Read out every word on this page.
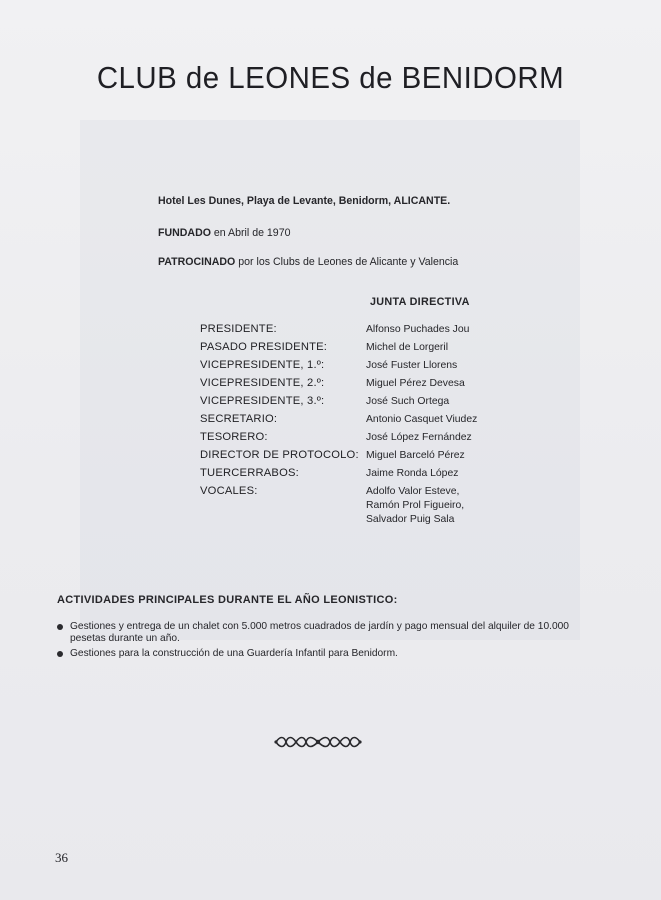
CLUB de LEONES de BENIDORM
Hotel Les Dunes, Playa de Levante, Benidorm, ALICANTE.
FUNDADO en Abril de 1970
PATROCINADO por los Clubs de Leones de Alicante y Valencia
JUNTA DIRECTIVA
PRESIDENTE:	Alfonso Puchades Jou
PASADO PRESIDENTE:	Michel de Lorgeril
VICEPRESIDENTE, 1.º:	José Fuster Llorens
VICEPRESIDENTE, 2.º:	Miguel Pérez Devesa
VICEPRESIDENTE, 3.º:	José Such Ortega
SECRETARIO:	Antonio Casquet Viudez
TESORERO:	José López Fernández
DIRECTOR DE PROTOCOLO: Miguel Barceló Pérez
TUERCERRABOS:	Jaime Ronda López
VOCALES:	Adolfo Valor Esteve,
Ramón Prol Figueiro,
Salvador Puig Sala
ACTIVIDADES PRINCIPALES DURANTE EL AÑO LEONISTICO:
Gestiones y entrega de un chalet con 5.000 metros cuadrados de jardín y pago mensual del alquiler de 10.000 pesetas durante un año.
Gestiones para la construcción de una Guardería Infantil para Benidorm.
36
